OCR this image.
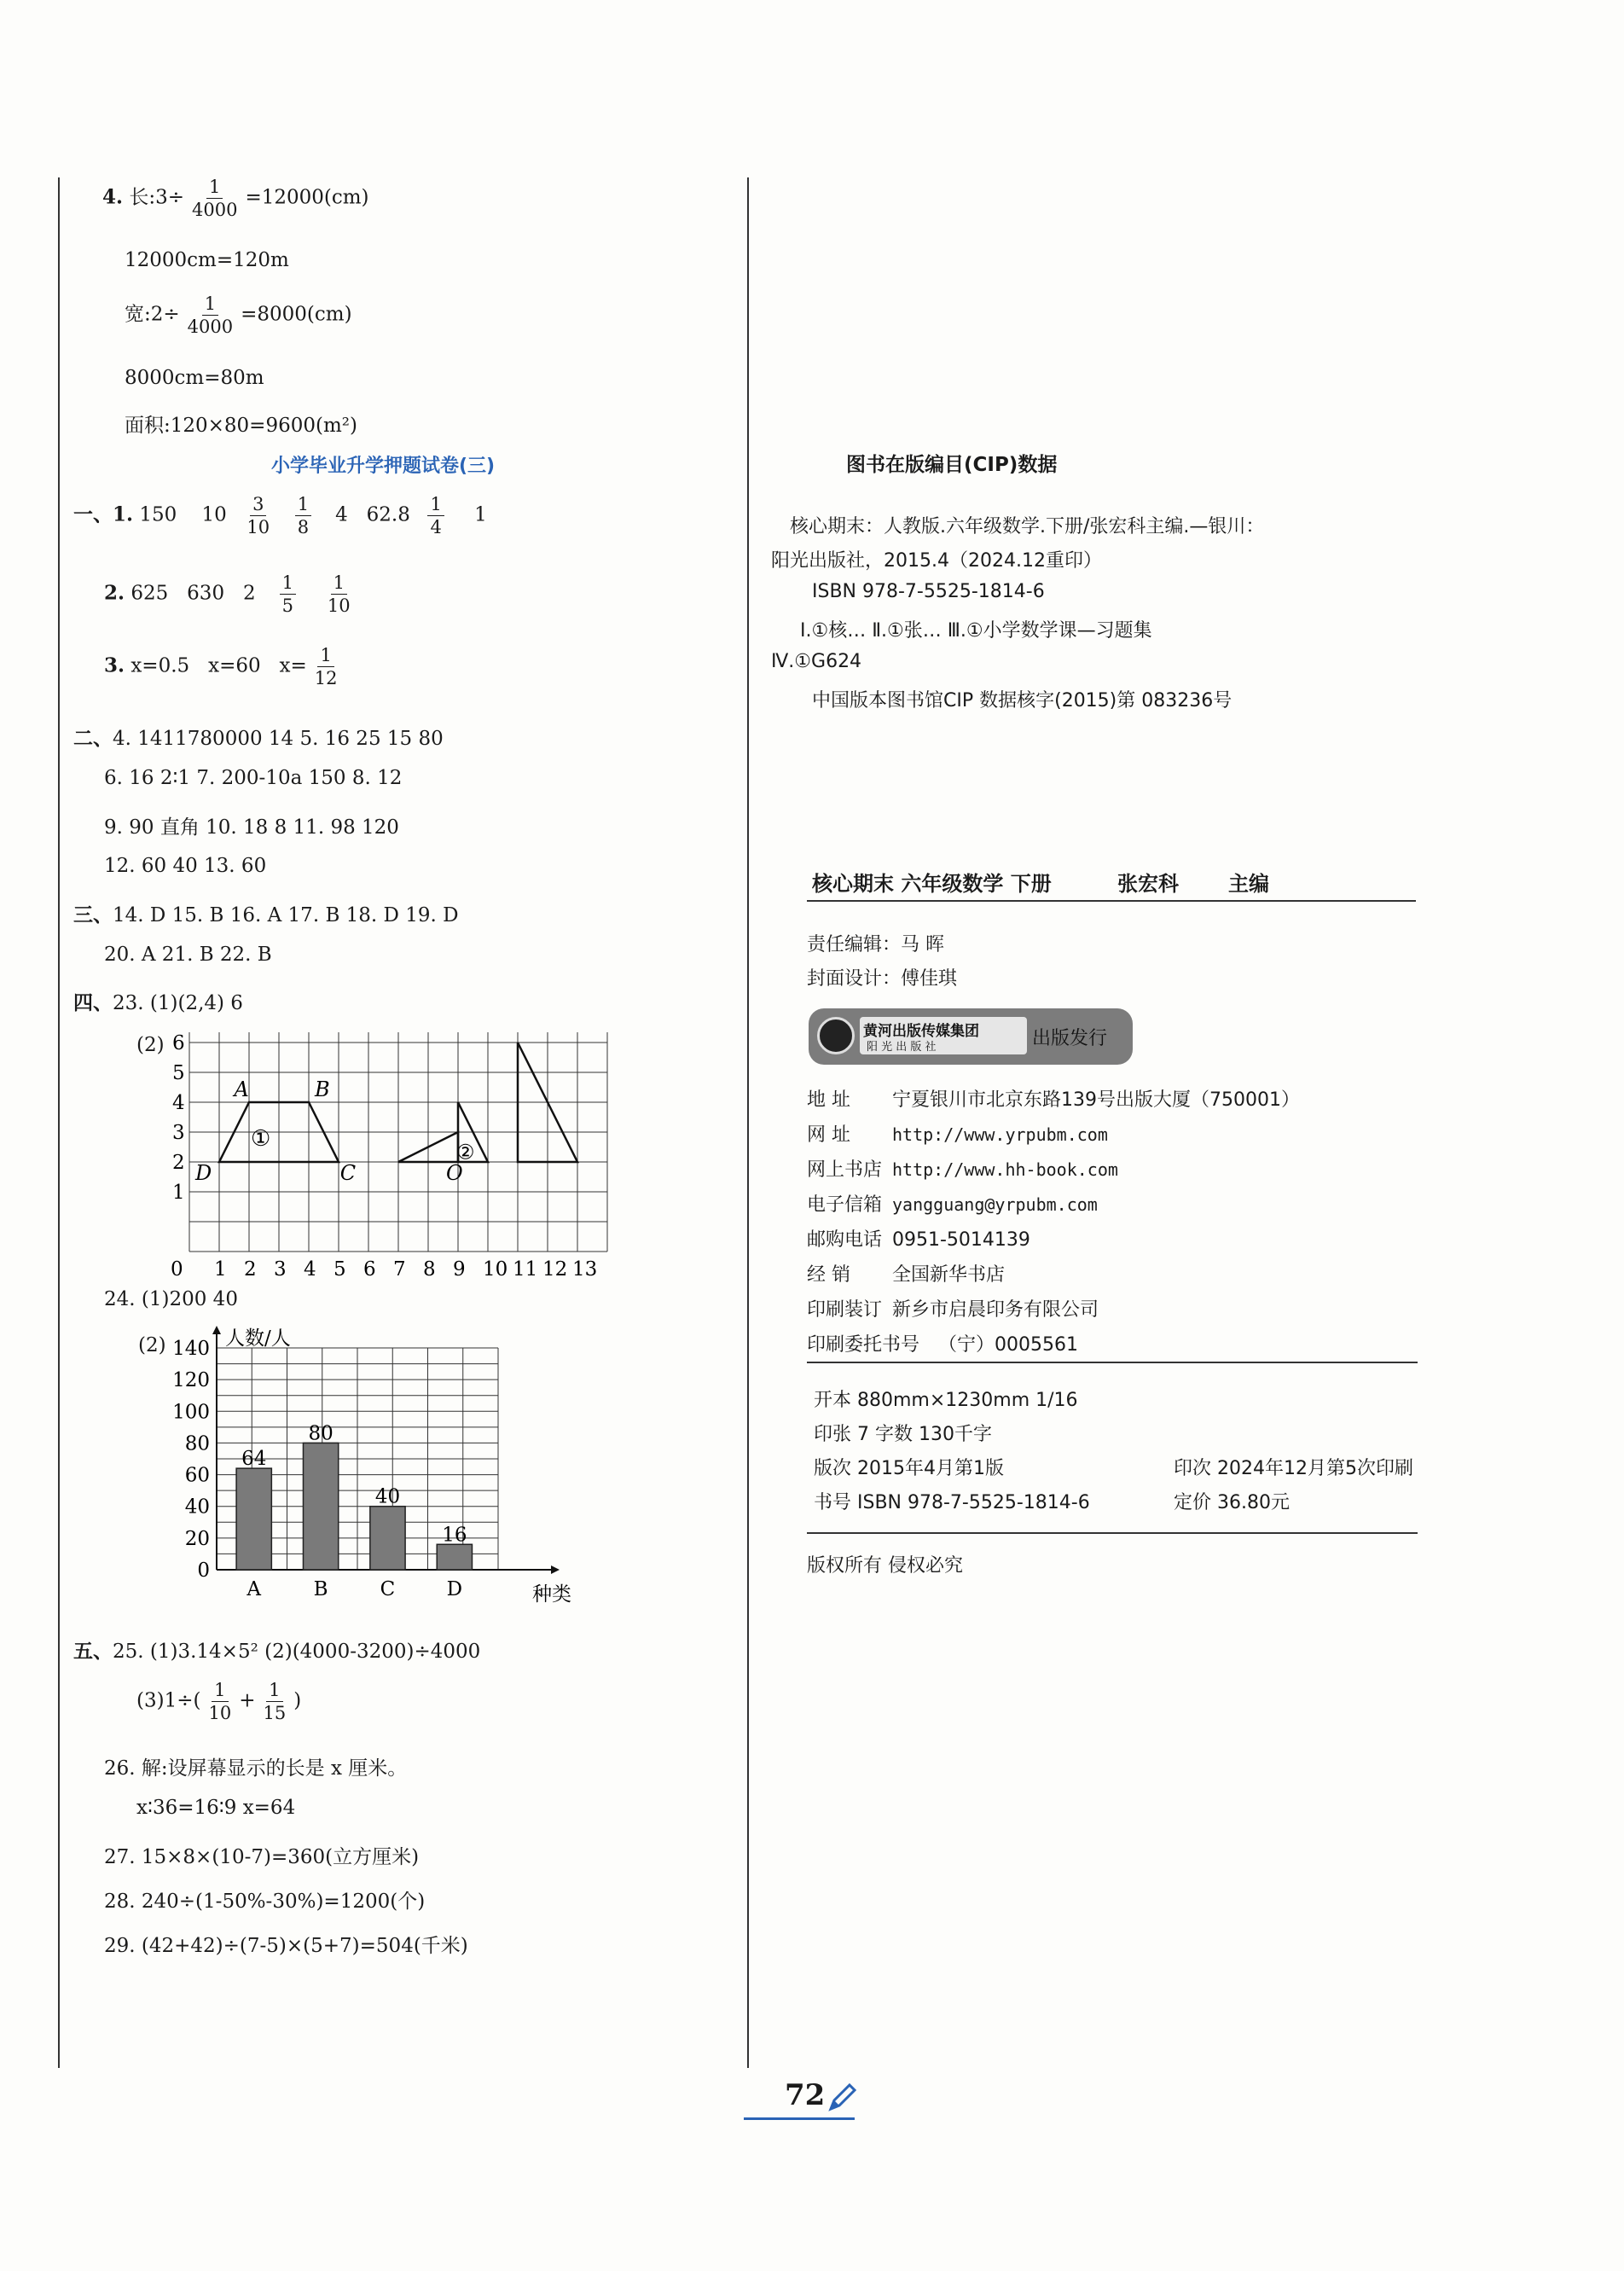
4. 长:3÷ $\frac{1}{4000} =12000(cm)$
12000cm=120m
宽:2÷ $\frac{1}{4000} =8000(cm)$
8000cm=80m
面积:120×80=9600(m²)
小学毕业升学押题试卷(三)
一、1. 150 $10 \frac{3}{10}$
$\frac{1}{8} 4$ $62.8 \frac{1}{4} 1$
2. 625 630 $2 \frac{1}{5}$
$\frac{1}{10}$
3. x=0.5 x=60 $x= \frac{1}{12}$
二、4. 1411780000 14 5. 16 25 15 80
6. 16 2∶1 7. 200-10a 150 8. 12
9. 90 直角 10. 18 8 11. 98 120
12. 60 40 13. 60
三、14. D 15. B 16. A 17. B 18. D 19. D
20. A 21. B 22. B
四、23. (1)(2,4) 6
(2)
0 1 2 3 4 5 6 7 8 9 10 11 12 13
1
2
3
4
5
6
A	B
C
D	O
①
②
24. (1)200 40
(2)
0
20
40
60
80
100
120
140 人数/人
种类
64
A
80
B
40
C
16
D
五、25. (1)3.14×5² (2)(4000-3200)÷4000
$(3)1\div( \frac{1}{10} + \frac{1}{15}$ )
26. 解:设屏幕显示的长是 x 厘米。
x∶36=16∶9 x=64
27. 15×8×(10-7)=360(立方厘米)
28. 240÷(1-50%-30%)=1200(个)
29. (42+42)÷(7-5)×(5+7)=504(千米)
图书在版编目(CIP)数据
核心期末：人教版.六年级数学.下册/张宏科主编.—银川：
阳光出版社，2015.4（2024.12重印）
ISBN 978-7-5525-1814-6
Ⅰ.①核… Ⅱ.①张… Ⅲ.①小学数学课—习题集
Ⅳ.①G624
中国版本图书馆CIP 数据核字(2015)第 083236号
核心期末 六年级数学 下册	张宏科 主编
责任编辑：马 晖
封面设计：傅佳琪
黄河出版传媒集团
阳 光 出 版 社	出版发行
地 址 宁夏银川市北京东路139号出版大厦（750001）
网 址 http://www.yrpubm.com
网上书店 http://www.hh-book.com
电子信箱 yangguang@yrpubm.com
邮购电话 0951-5014139
经 销 全国新华书店
印刷装订 新乡市启晨印务有限公司
印刷委托书号 （宁）0005561
开本 880mm×1230mm 1/16
印张 7 字数 130千字
版次 2015年4月第1版	印次 2024年12月第5次印刷
书号 ISBN 978-7-5525-1814-6	定价 36.80元
版权所有 侵权必究
72
